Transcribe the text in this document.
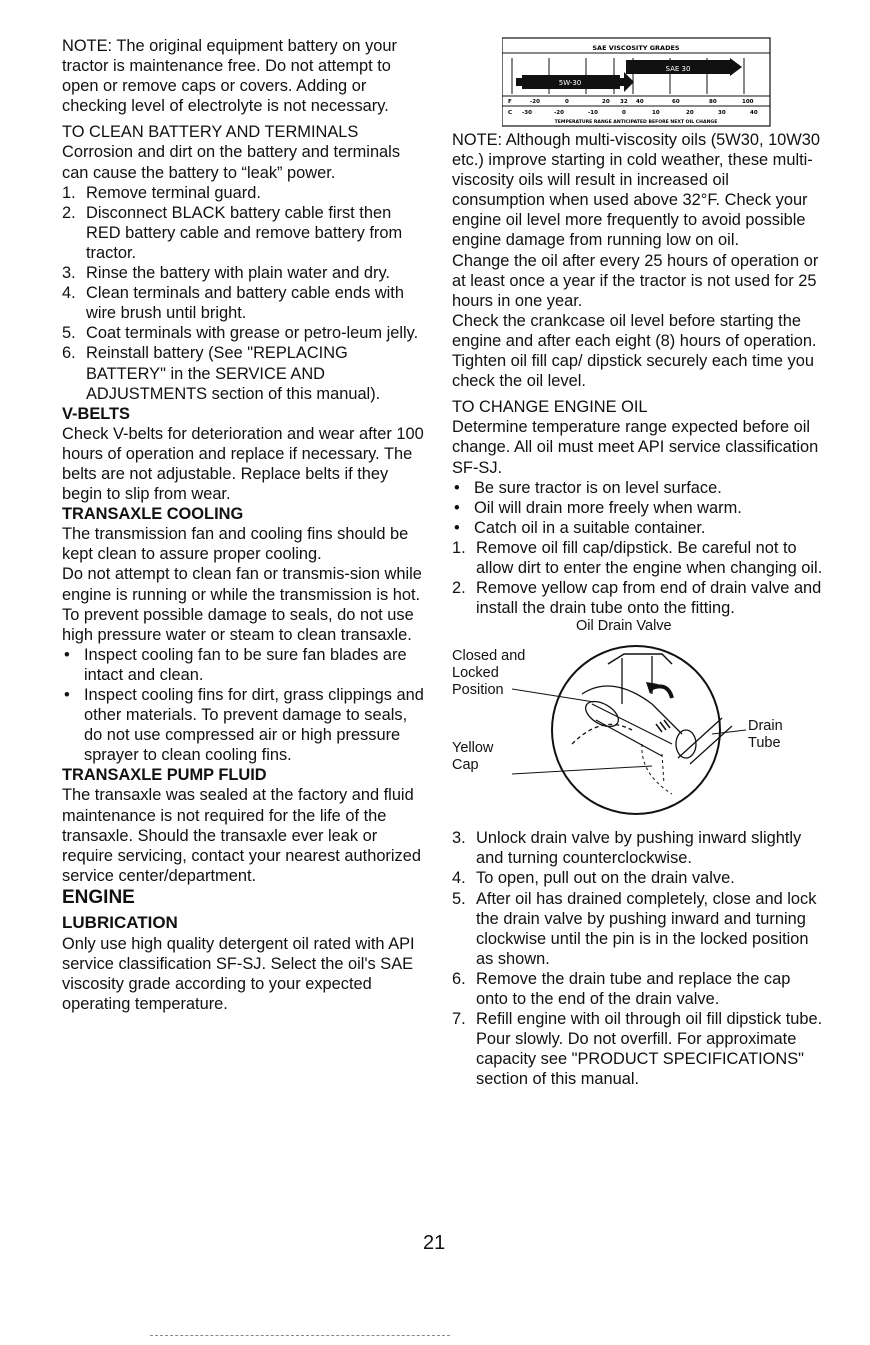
NOTE: The original equipment battery on your tractor is maintenance free. Do not attempt to open or remove caps or covers. Adding or checking level of electrolyte is not necessary.

TO CLEAN BATTERY AND TERMINALS

Corrosion and dirt on the battery and terminals can cause the battery to “leak” power.

1. Remove terminal guard.
2. Disconnect BLACK battery cable first then RED battery cable and remove battery from tractor.
3. Rinse the battery with plain water and dry.
4. Clean terminals and battery cable ends with wire brush until bright.
5. Coat terminals with grease or petro-leum jelly.
6. Reinstall battery (See "REPLACING BATTERY" in the SERVICE AND ADJUSTMENTS section of this manual).

V-BELTS

Check V-belts for deterioration and wear after 100 hours of operation and replace if necessary. The belts are not adjustable. Replace belts if they begin to slip from wear.

TRANSAXLE COOLING

The transmission fan and cooling fins should be kept clean to assure proper cooling.

Do not attempt to clean fan or transmis-sion while engine is running or while the transmission is hot. To prevent possible damage to seals, do not use high pressure water or steam to clean transaxle.

• Inspect cooling fan to be sure fan blades are intact and clean.
• Inspect cooling fins for dirt, grass clippings and other materials. To prevent damage to seals, do not use compressed air or high pressure sprayer to clean cooling fins.

TRANSAXLE PUMP FLUID

The transaxle was sealed at the factory and fluid maintenance is not required for the life of the transaxle. Should the transaxle ever leak or require servicing, contact your nearest authorized service center/department.

ENGINE

LUBRICATION

Only use high quality detergent oil rated with API service classification SF-SJ. Select the oil's SAE viscosity grade according to your expected operating temperature.

SAE VISCOSITY GRADES
5W-30
SAE 30
F	-20	0	20 32 40	60	80	100
C -30	-20	-10	0	10	20	30	40
TEMPERATURE RANGE ANTICIPATED BEFORE NEXT OIL CHANGE

NOTE: Although multi-viscosity oils (5W30, 10W30 etc.) improve starting in cold weather, these multi-viscosity oils will result in increased oil consumption when used above 32°F. Check your engine oil level more frequently to avoid possible engine damage from running low on oil.

Change the oil after every 25 hours of operation or at least once a year if the tractor is not used for 25 hours in one year.

Check the crankcase oil level before starting the engine and after each eight (8) hours of operation. Tighten oil fill cap/ dipstick securely each time you check the oil level.

TO CHANGE ENGINE OIL

Determine temperature range expected before oil change. All oil must meet API service classification SF-SJ.

• Be sure tractor is on level surface.
• Oil will drain more freely when warm.
• Catch oil in a suitable container.
1. Remove oil fill cap/dipstick. Be careful not to allow dirt to enter the engine when changing oil.
2. Remove yellow cap from end of drain valve and install the drain tube onto the fitting.
Oil Drain Valve
Closed and Locked Position
Yellow Cap
Drain Tube
3. Unlock drain valve by pushing inward slightly and turning counterclockwise.
4. To open, pull out on the drain valve.
5. After oil has drained completely, close and lock the drain valve by pushing inward and turning clockwise until the pin is in the locked position as shown.
6. Remove the drain tube and replace the cap onto to the end of the drain valve.
7. Refill engine with oil through oil fill dipstick tube. Pour slowly. Do not overfill. For approximate capacity see "PRODUCT SPECIFICATIONS" section of this manual.
21
